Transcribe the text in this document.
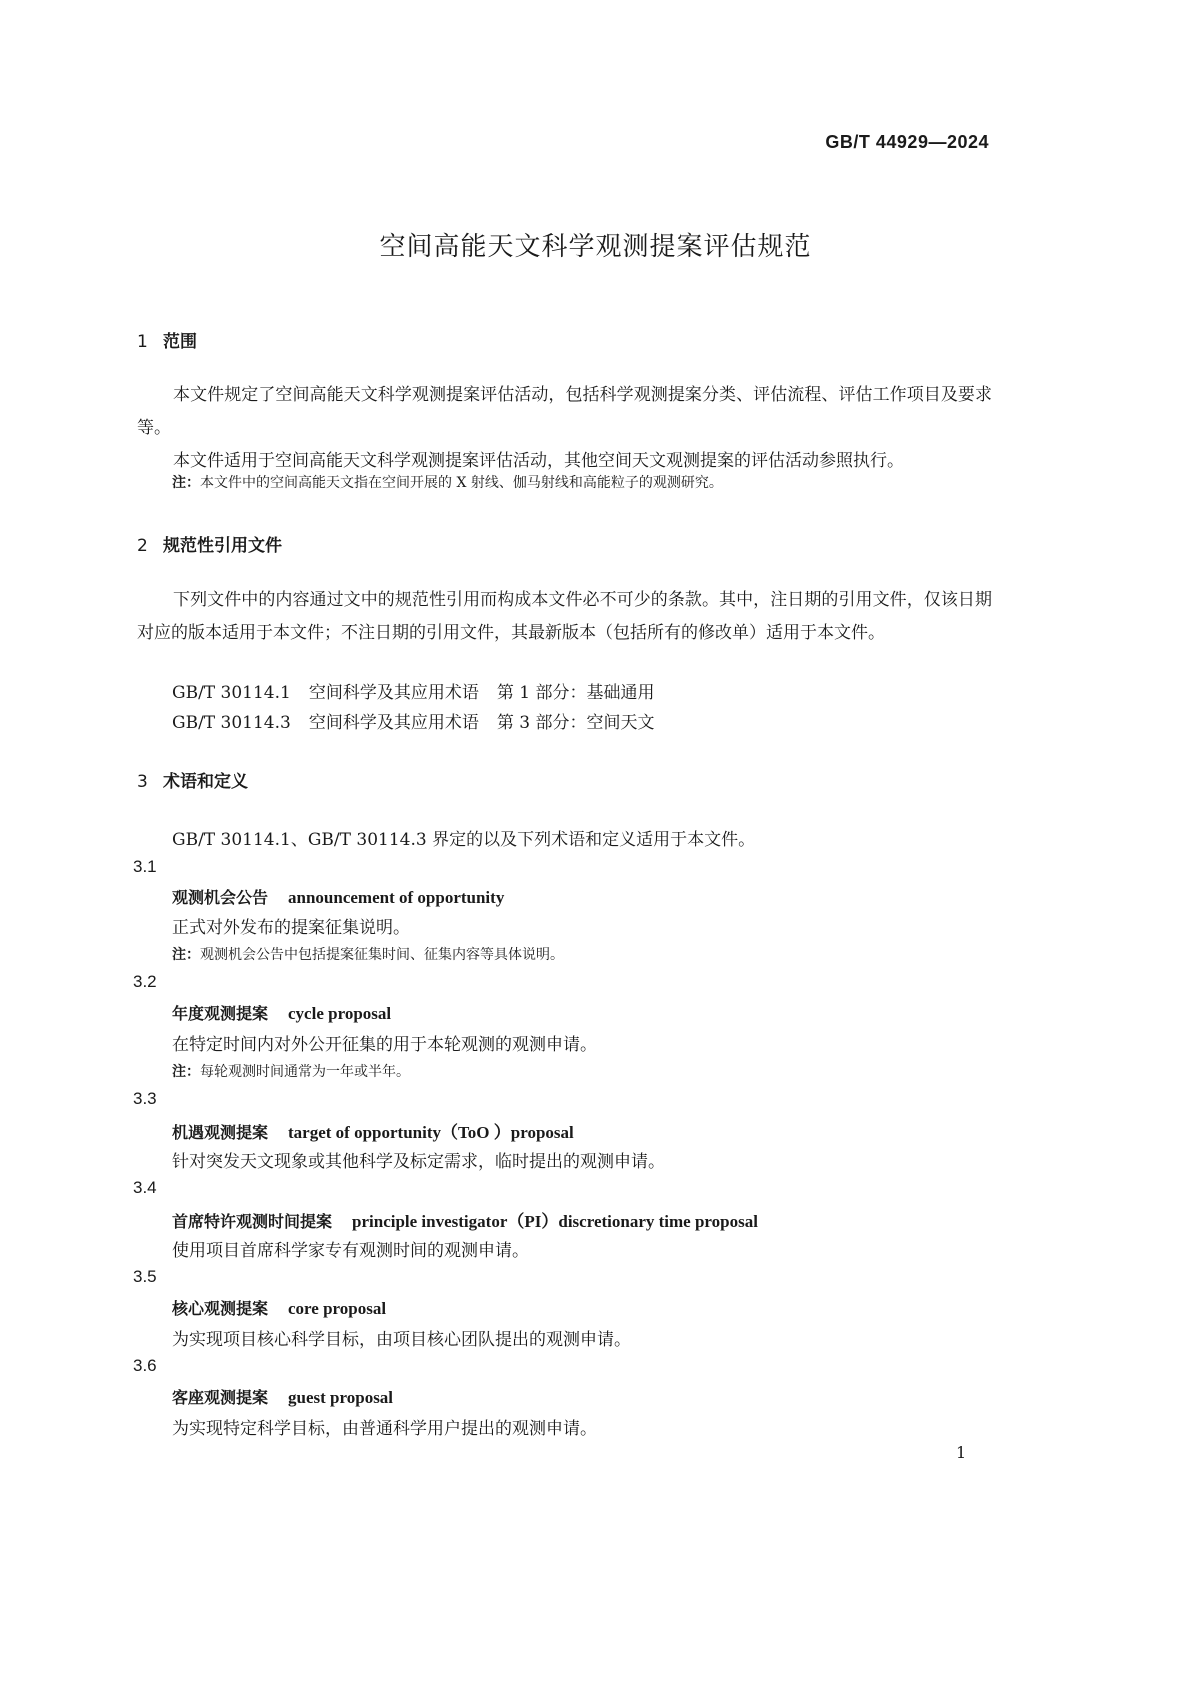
GB/T 44929—2024
空间高能天文科学观测提案评估规范
1 范围

本文件规定了空间高能天文科学观测提案评估活动，包括科学观测提案分类、评估流程、评估工作项目及要求等。

本文件适用于空间高能天文科学观测提案评估活动，其他空间天文观测提案的评估活动参照执行。

注：本文件中的空间高能天文指在空间开展的 X 射线、伽马射线和高能粒子的观测研究。
2 规范性引用文件

下列文件中的内容通过文中的规范性引用而构成本文件必不可少的条款。其中，注日期的引用文件，仅该日期对应的版本适用于本文件；不注日期的引用文件，其最新版本（包括所有的修改单）适用于本文件。

GB/T 30114.1 空间科学及其应用术语 第 1 部分：基础通用
GB/T 30114.3 空间科学及其应用术语 第 3 部分：空间天文
3 术语和定义
GB/T 30114.1、GB/T 30114.3 界定的以及下列术语和定义适用于本文件。
3.1
观测机会公告 announcement of opportunity
正式对外发布的提案征集说明。
注：观测机会公告中包括提案征集时间、征集内容等具体说明。
3.2
年度观测提案 cycle proposal
在特定时间内对外公开征集的用于本轮观测的观测申请。
注：每轮观测时间通常为一年或半年。
3.3
机遇观测提案 target of opportunity（ToO ）proposal
针对突发天文现象或其他科学及标定需求，临时提出的观测申请。
3.4
首席特许观测时间提案 principle investigator（PI）discretionary time proposal
使用项目首席科学家专有观测时间的观测申请。
3.5
核心观测提案 core proposal
为实现项目核心科学目标，由项目核心团队提出的观测申请。
3.6
客座观测提案 guest proposal
为实现特定科学目标，由普通科学用户提出的观测申请。
1
